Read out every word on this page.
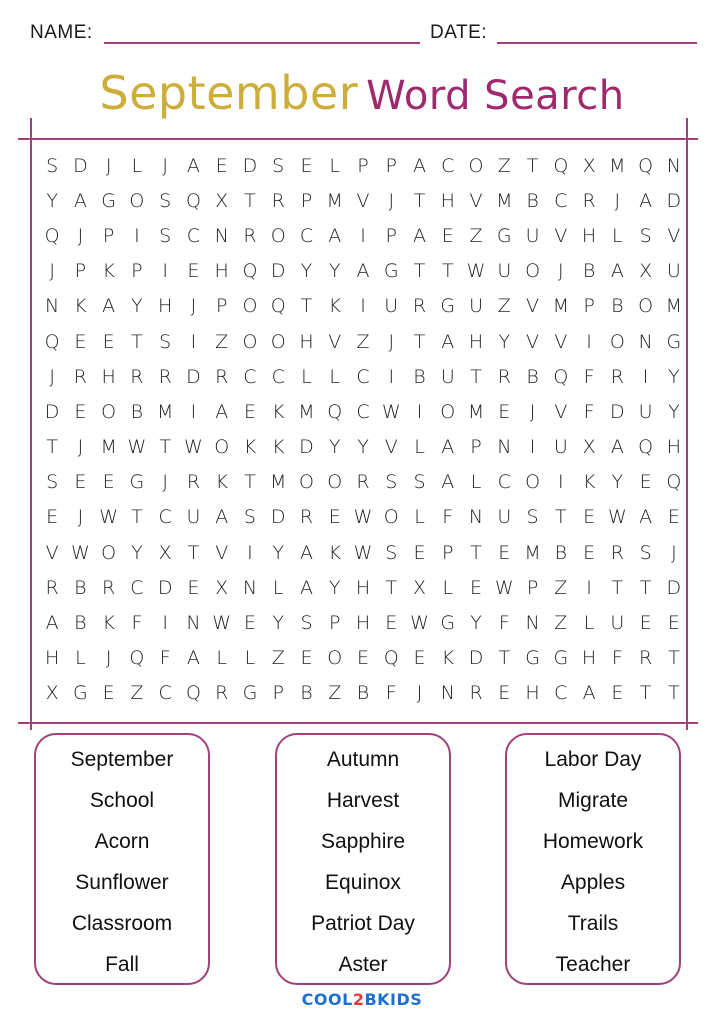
NAME:	DATE:
September Word Search
S D J	L	J A E D S E L P P A C O Z T Q X M Q N
Y A G O S Q X T R P M V J	T H V M B C R J A D
Q J	P	I	S C N R O C A I	P A E Z G U V H L S V
J	P K P	I	E H Q D Y Y A G T T W U O J	B A X U
N K A Y H J	P O Q T K	I U R G U Z V M P B O M
Q E E T S	I Z O O H V Z J	T A H Y V V I O N G
J R H R R D R C C L L C I	B U T R B Q F R I	Y
D E O B M I A E K M Q C W I O M E	J V F D U Y
T	J M W T W O K K D Y Y V L A P N I U X A Q H
S E E G J R K T M O O R S S A L C O I	K Y E Q
E	J W T C U A S D R E W O L F N U S T E W A E
V W O Y X T V I	Y A K W S E P T E M B E R S	J
R B R C D E X N L A Y H T X L E W P Z I	T T D
A B K F	I N W E Y S P H E W G Y F N Z L U E E
H L	J Q F A L L Z E O E Q E K D T G G H F R T
X G E Z C Q R G P B Z B F	J N R E H C A E T T
September
School
Acorn
Sunflower
Classroom
Fall
Autumn
Harvest
Sapphire
Equinox
Patriot Day
Aster
Labor Day
Migrate
Homework
Apples
Trails
Teacher
COOL2BKIDS
